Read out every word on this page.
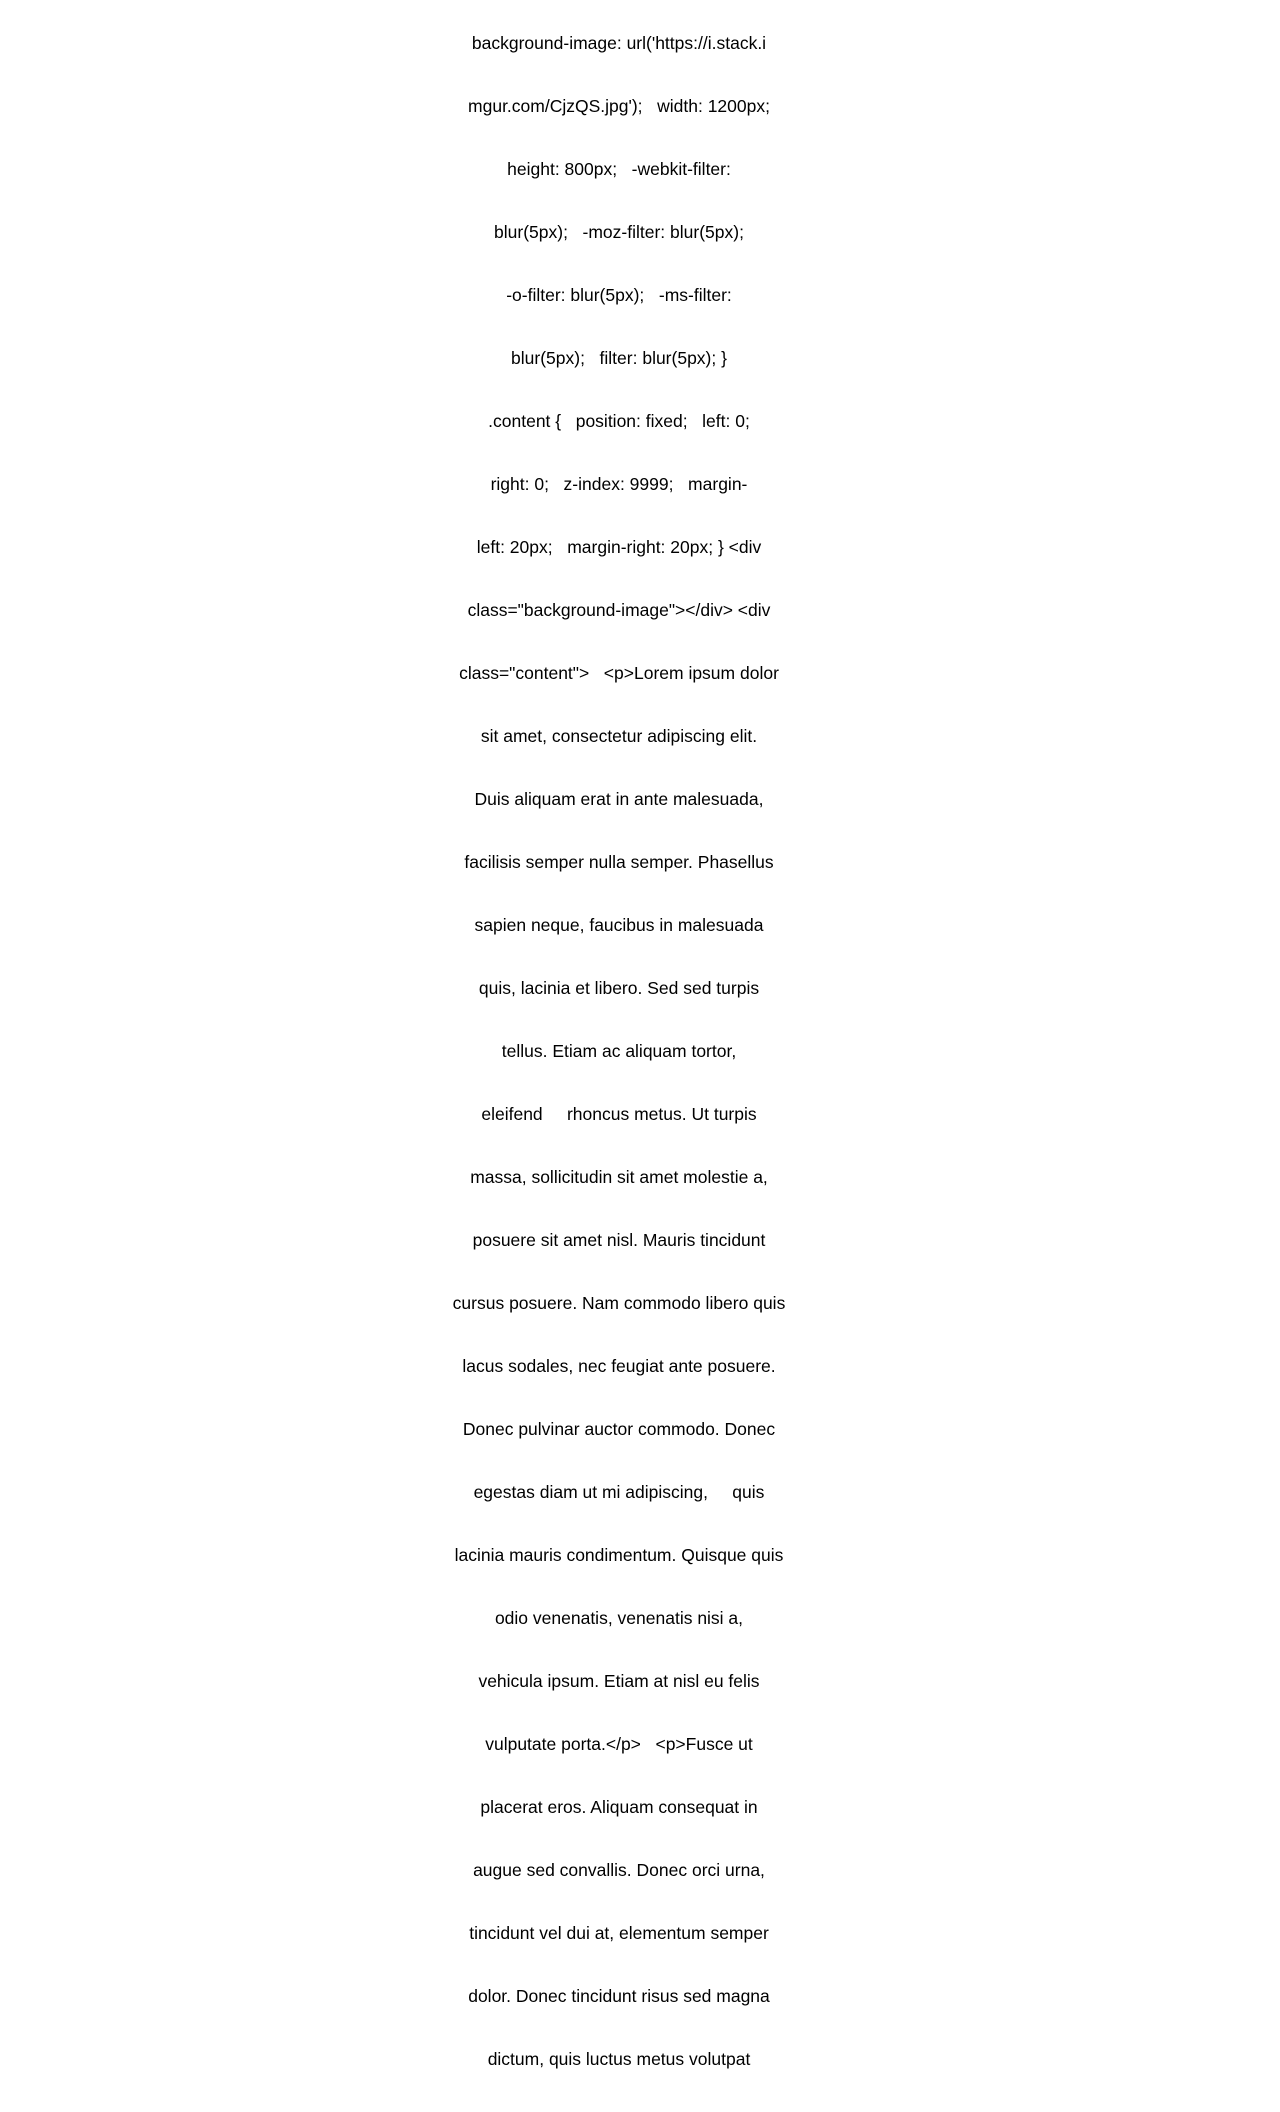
background-image: url('https://i.stack.i

mgur.com/CjzQS.jpg');   width: 1200px;

height: 800px;   -webkit-filter:

blur(5px);   -moz-filter: blur(5px);

-o-filter: blur(5px);   -ms-filter:

blur(5px);   filter: blur(5px); }

.content {   position: fixed;   left: 0;

right: 0;   z-index: 9999;   margin-

left: 20px;   margin-right: 20px; } <div

class="background-image"></div> <div

class="content">   <p>Lorem ipsum dolor

sit amet, consectetur adipiscing elit.

Duis aliquam erat in ante malesuada,

facilisis semper nulla semper. Phasellus

sapien neque, faucibus in malesuada

quis, lacinia et libero. Sed sed turpis

tellus. Etiam ac aliquam tortor,

eleifend     rhoncus metus. Ut turpis

massa, sollicitudin sit amet molestie a,

posuere sit amet nisl. Mauris tincidunt

cursus posuere. Nam commodo libero quis

lacus sodales, nec feugiat ante posuere.

Donec pulvinar auctor commodo. Donec

egestas diam ut mi adipiscing,     quis

lacinia mauris condimentum. Quisque quis

odio venenatis, venenatis nisi a,

vehicula ipsum. Etiam at nisl eu felis

vulputate porta.</p>   <p>Fusce ut

placerat eros. Aliquam consequat in

augue sed convallis. Donec orci urna,

tincidunt vel dui at, elementum semper

dolor. Donec tincidunt risus sed magna

dictum, quis luctus metus volutpat
